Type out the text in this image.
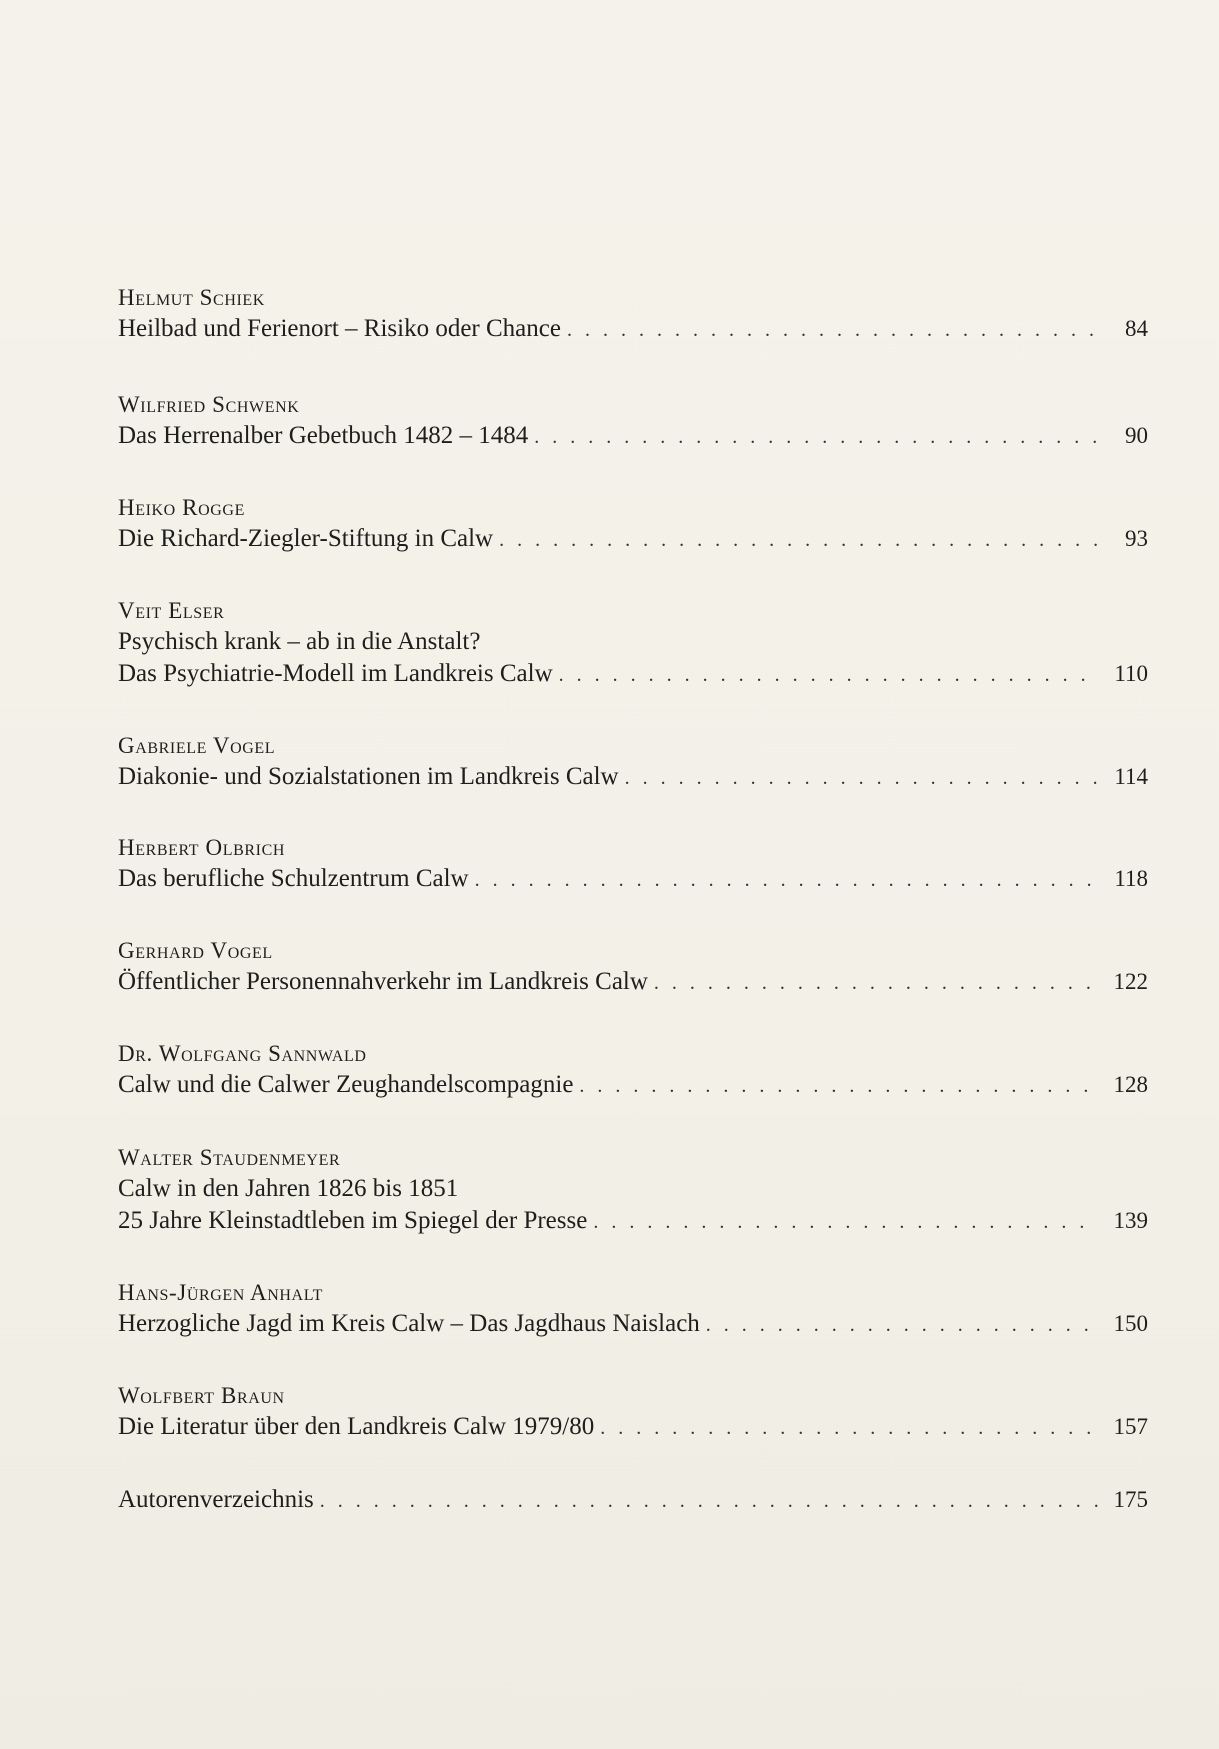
Helmut Schiek
Heilbad und Ferienort – Risiko oder Chance . . .	84
Wilfried Schwenk
Das Herrenalber Gebetbuch 1482 – 1484 . . .	90
Heiko Rogge
Die Richard-Ziegler-Stiftung in Calw . . .	93
Veit Elser
Psychisch krank – ab in die Anstalt?
Das Psychiatrie-Modell im Landkreis Calw . . .	110
Gabriele Vogel
Diakonie- und Sozialstationen im Landkreis Calw . . .	114
Herbert Olbrich
Das berufliche Schulzentrum Calw . . .	118
Gerhard Vogel
Öffentlicher Personennahverkehr im Landkreis Calw . . .	122
Dr. Wolfgang Sannwald
Calw und die Calwer Zeughandelscompagnie . . .	128
Walter Staudenmeyer
Calw in den Jahren 1826 bis 1851
25 Jahre Kleinstadtleben im Spiegel der Presse . . .	139
Hans-Jürgen Anhalt
Herzogliche Jagd im Kreis Calw – Das Jagdhaus Naislach . . .	150
Wolfbert Braun
Die Literatur über den Landkreis Calw 1979/80 . . .	157
Autorenverzeichnis . . .	175
